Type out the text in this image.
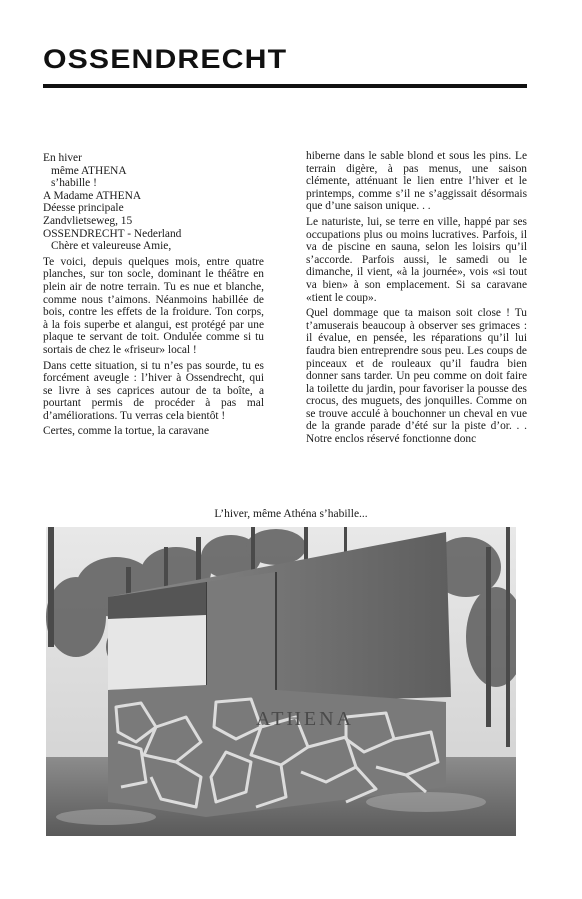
OSSENDRECHT
En hiver
même ATHENA
s’habille !
A Madame ATHENA
Déesse principale
Zandvlietseweg, 15
OSSENDRECHT - Nederland
Chère et valeureuse Amie,

Te voici, depuis quelques mois, entre quatre planches, sur ton socle, dominant le théâtre en plein air de notre terrain. Tu es nue et blanche, comme nous t’aimons. Néanmoins habillée de bois, contre les effets de la froidure. Ton corps, à la fois superbe et alangui, est protégé par une plaque te servant de toit. Ondulée comme si tu sortais de chez le «friseur» local !

Dans cette situation, si tu n’es pas sourde, tu es forcément aveugle : l’hiver à Ossendrecht, qui se livre à ses caprices autour de ta boîte, a pourtant permis de procéder à pas mal d’améliorations. Tu verras cela bientôt !

Certes, comme la tortue, la caravane

hiberne dans le sable blond et sous les pins. Le terrain digère, à pas menus, une saison clémente, atténuant le lien entre l’hiver et le printemps, comme s’il ne s’aggissait désormais que d’une saison unique. . .

Le naturiste, lui, se terre en ville, happé par ses occupations plus ou moins lucratives. Parfois, il va de piscine en sauna, selon les loisirs qu’il s’accorde. Parfois aussi, le samedi ou le dimanche, il vient, «à la journée», vois «si tout va bien» à son emplacement. Si sa caravane «tient le coup».

Quel dommage que ta maison soit close ! Tu t’amuserais beaucoup à observer ses grimaces : il évalue, en pensée, les réparations qu’il lui faudra bien entreprendre sous peu. Les coups de pinceaux et de rouleaux qu’il faudra bien donner sans tarder. Un peu comme on doit faire la toilette du jardin, pour favoriser la pousse des crocus, des muguets, des jonquilles. Comme on se trouve acculé à bouchonner un cheval en vue de la grande parade d’été sur la piste d’or. . . Notre enclos réservé fonctionne donc

L’hiver, même Athéna s’habille...
ATHENA
